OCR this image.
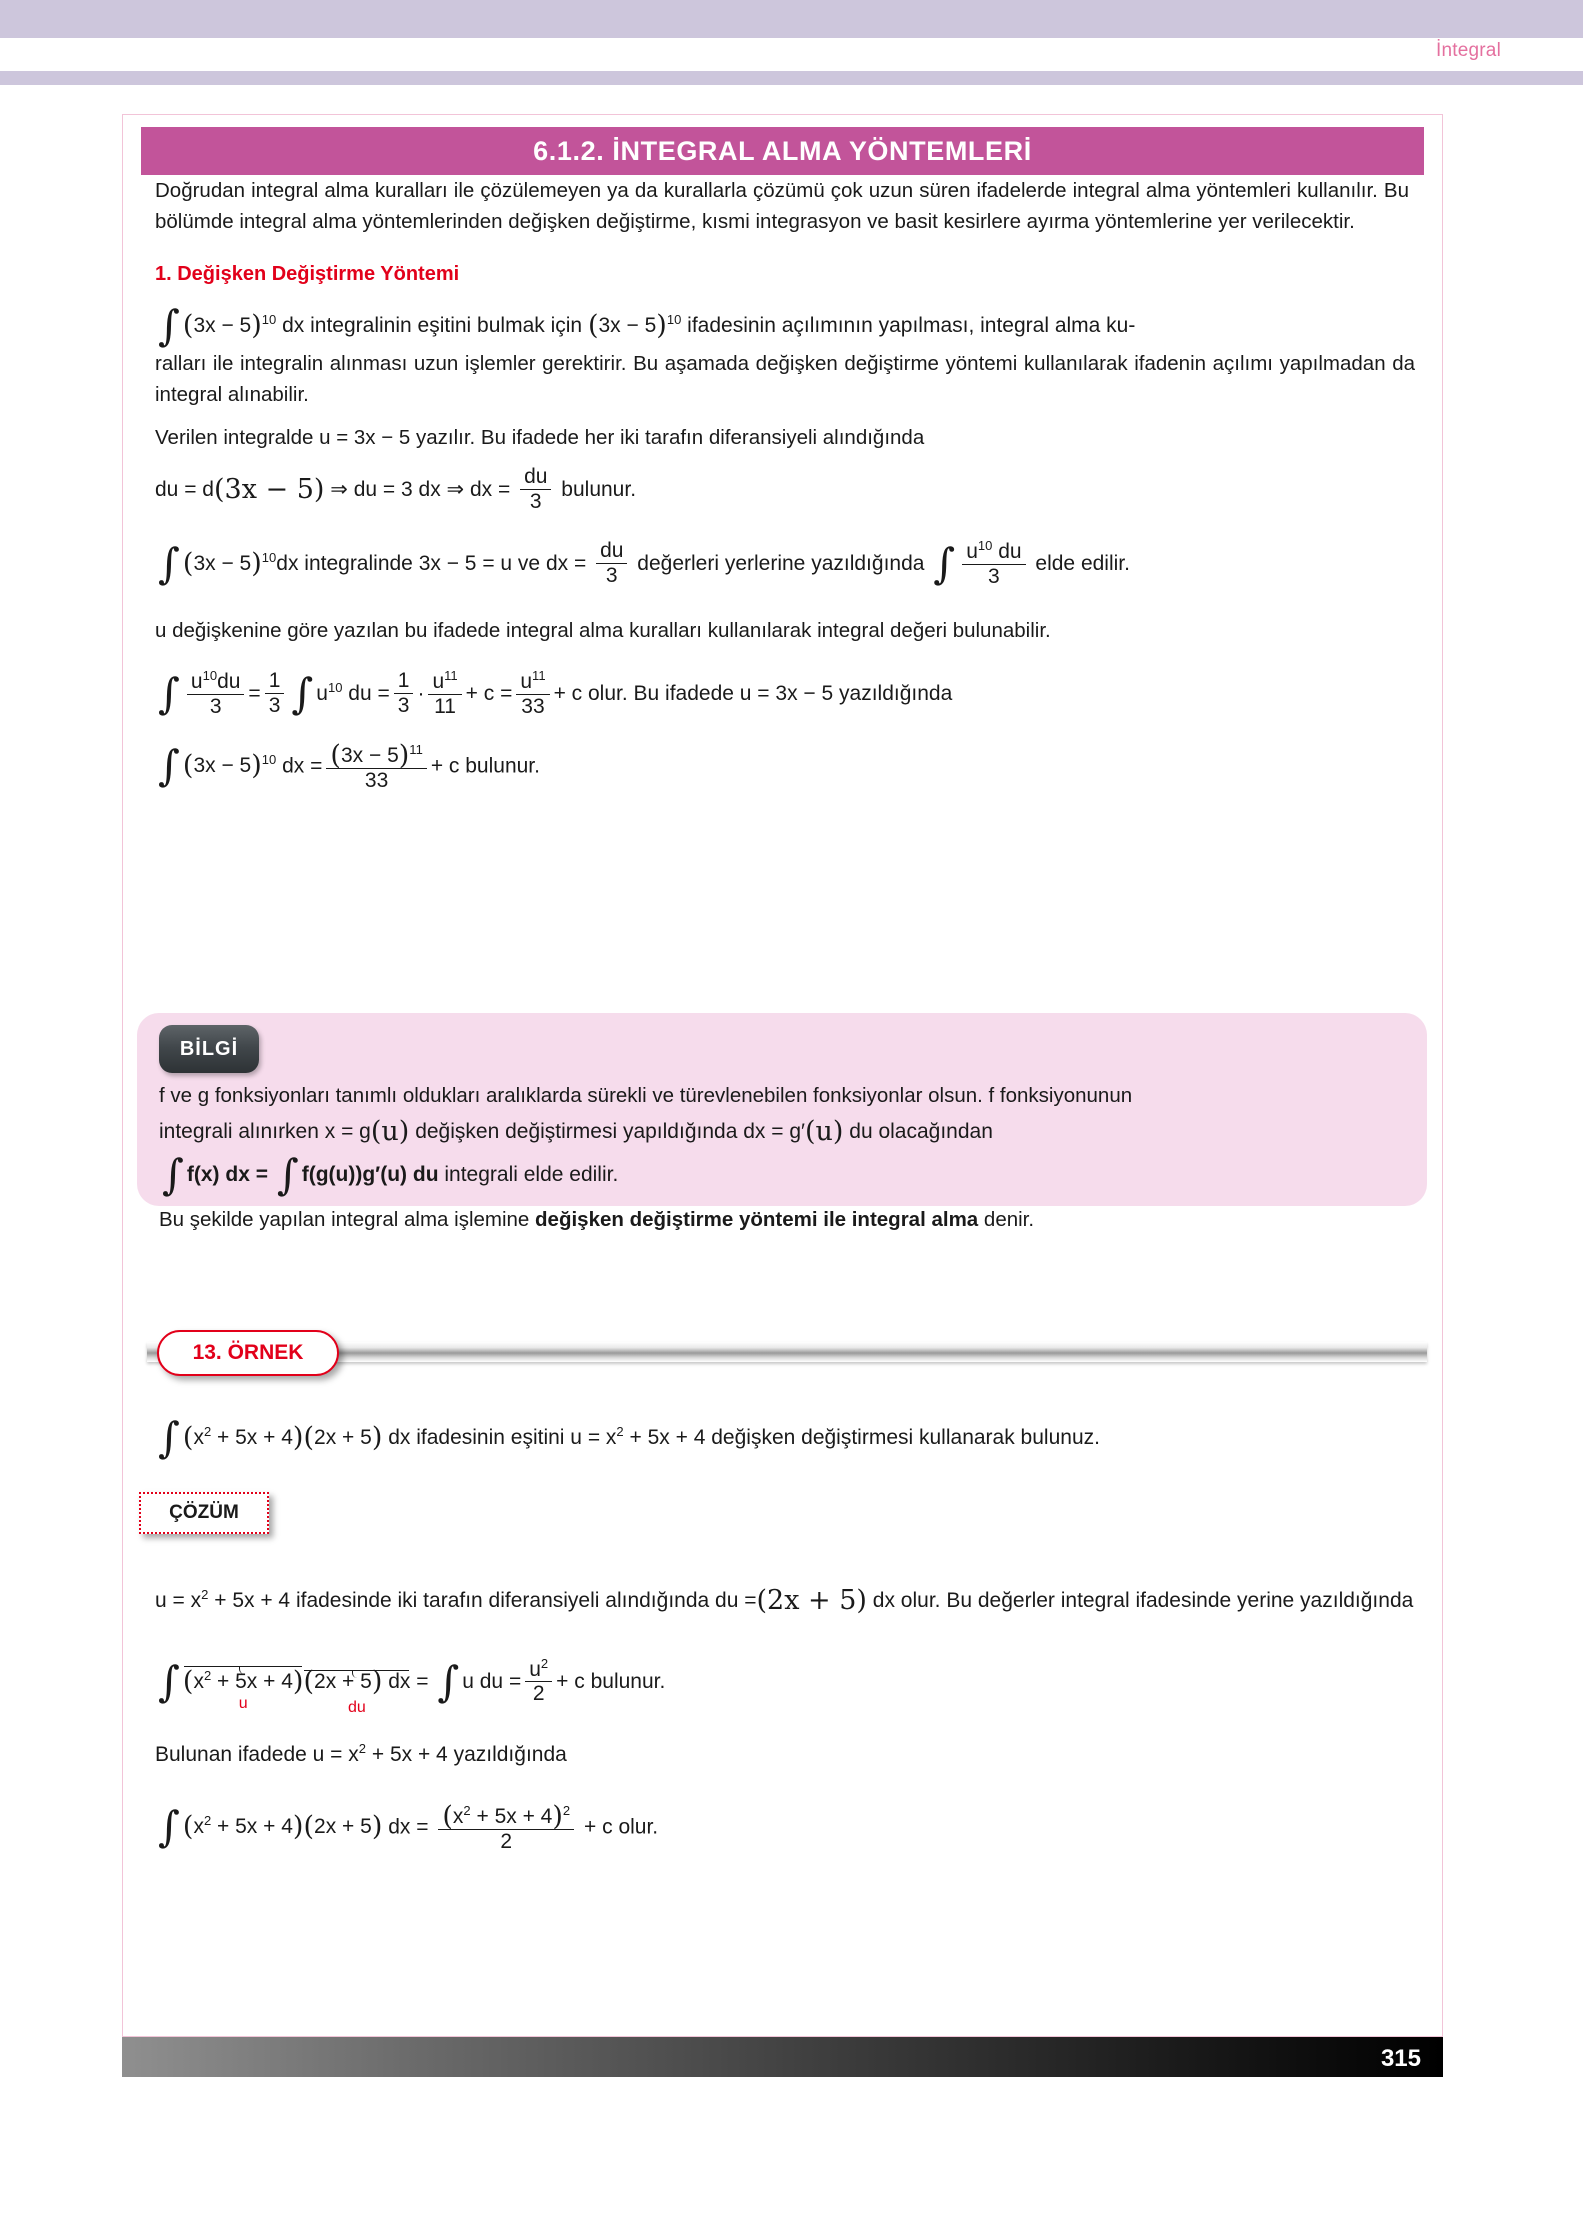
İntegral
6.1.2. İNTEGRAL ALMA YÖNTEMLERİ

Doğrudan integral alma kuralları ile çözülemeyen ya da kurallarla çözümü çok uzun süren ifadelerde integral alma yöntemleri kullanılır. Bu bölümde integral alma yöntemlerinden değişken değiştirme, kısmi integrasyon ve basit kesirlere ayırma yöntemlerine yer verilecektir.

1. Değişken Değiştirme Yöntemi

∫ $(3x - 5)^{10}$ dx integralinin eşitini bulmak için $(3x - 5)^{10}$ ifadesinin açılımının yapılması, integral alma ku-

ralları ile integralin alınması uzun işlemler gerektirir. Bu aşamada değişken değiştirme yöntemi kullanılarak ifadenin açılımı yapılmadan da integral alınabilir.

Verilen integralde u = 3x − 5 yazılır. Bu ifadede her iki tarafın diferansiyeli alındığında

du = d(3x − 5) ⇒ du = 3 dx ⇒ dx = $\frac{du}{3}$ bulunur.
∫ $(3x - 5)^{10}dx$ integralinde 3x − 5 = u ve dx = $\frac{du}{3}$ değerleri yerlerine yazıldığında ∫ $\frac{u^{10} du}{3}$ elde edilir.

u değişkenine göre yazılan bu ifadede integral alma kuralları kullanılarak integral değeri bulunabilir.

∫ $\frac{u^{10}du}{3} = \frac{1}{3}$ ∫ $u^{10}$ du = $\frac{1}{3} \cdot \frac{u^{11}}{11} + c = \frac{u^{11}}{33} + c$ olur. Bu ifadede u = 3x − 5 yazıldığında
∫ $(3x - 5)^{10}$ dx = $\frac{(3x - 5)^{11}}{33} + c$ bulunur.
BİLGİ
f ve g fonksiyonları tanımlı oldukları aralıklarda sürekli ve türevlenebilen fonksiyonlar olsun. f fonksiyonunun
integrali alınırken x = g(u) değişken değiştirmesi yapıldığında dx = g′(u) du olacağından
∫ f(x) dx = ∫ f(g(u))g′(u) du integrali elde edilir.
Bu şekilde yapılan integral alma işlemine değişken değiştirme yöntemi ile integral alma denir.
13. ÖRNEK
∫ $(x^2 + 5x + 4)(2x + 5)$ dx ifadesinin eşitini $u = x^2 + 5x + 4$ değişken değiştirmesi kullanarak bulunuz.
ÇÖZÜM
$u = x^2 + 5x + 4$ ifadesinde iki tarafın diferansiyeli alındığında du =(2x + 5) dx olur. Bu değerler integral ifadesinde yerine yazıldığında
∫ $(x^2 + 5x + 4)$
u
(2x + 5) dx
du
= ∫ u du = $\frac{u^2}{2} + c$ bulunur.
Bulunan ifadede $u = x^2 + 5x + 4$ yazıldığında
∫ $(x^2 + 5x + 4)(2x + 5)$ dx = $\frac{(x^2 + 5x + 4)^2}{2} + c$ olur.
315
